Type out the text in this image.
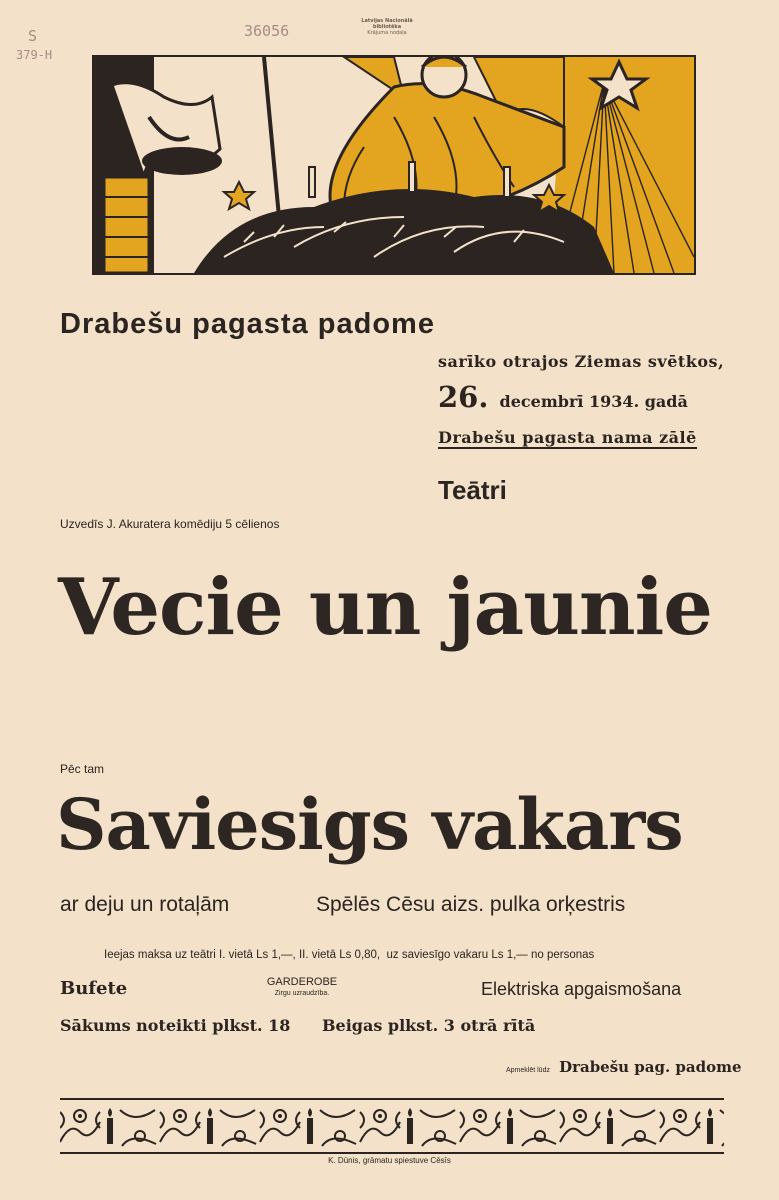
S
379-H
36056
Latvijas Nacionālā bibliotēka
Krājuma nodaļa
Drabešu pagasta padome
sarīko otrajos Ziemas svētkos,
26. decembrī 1934. gadā
Drabešu pagasta nama zālē
Teātri
Uzvedīs J. Akuratera komēdiju 5 cēlienos
Vecie un jaunie
Pēc tam
Saviesigs vakars
ar deju un rotaļām	Spēlēs Cēsu aizs. pulka orķestris
Ieejas maksa uz teātri I. vietā Ls 1,—, II. vietā Ls 0,80,  uz saviesīgo vakaru Ls 1,— no personas
Bufete	GARDEROBE
Zirgu uzraudzība.	Elektriska apgaismošana
Sākums noteikti plkst. 18 Beigas plkst. 3 otrā rītā
Apmeklēt lūdz Drabešu pag. padome
K. Dūnis, grāmatu spiestuve Cēsīs
